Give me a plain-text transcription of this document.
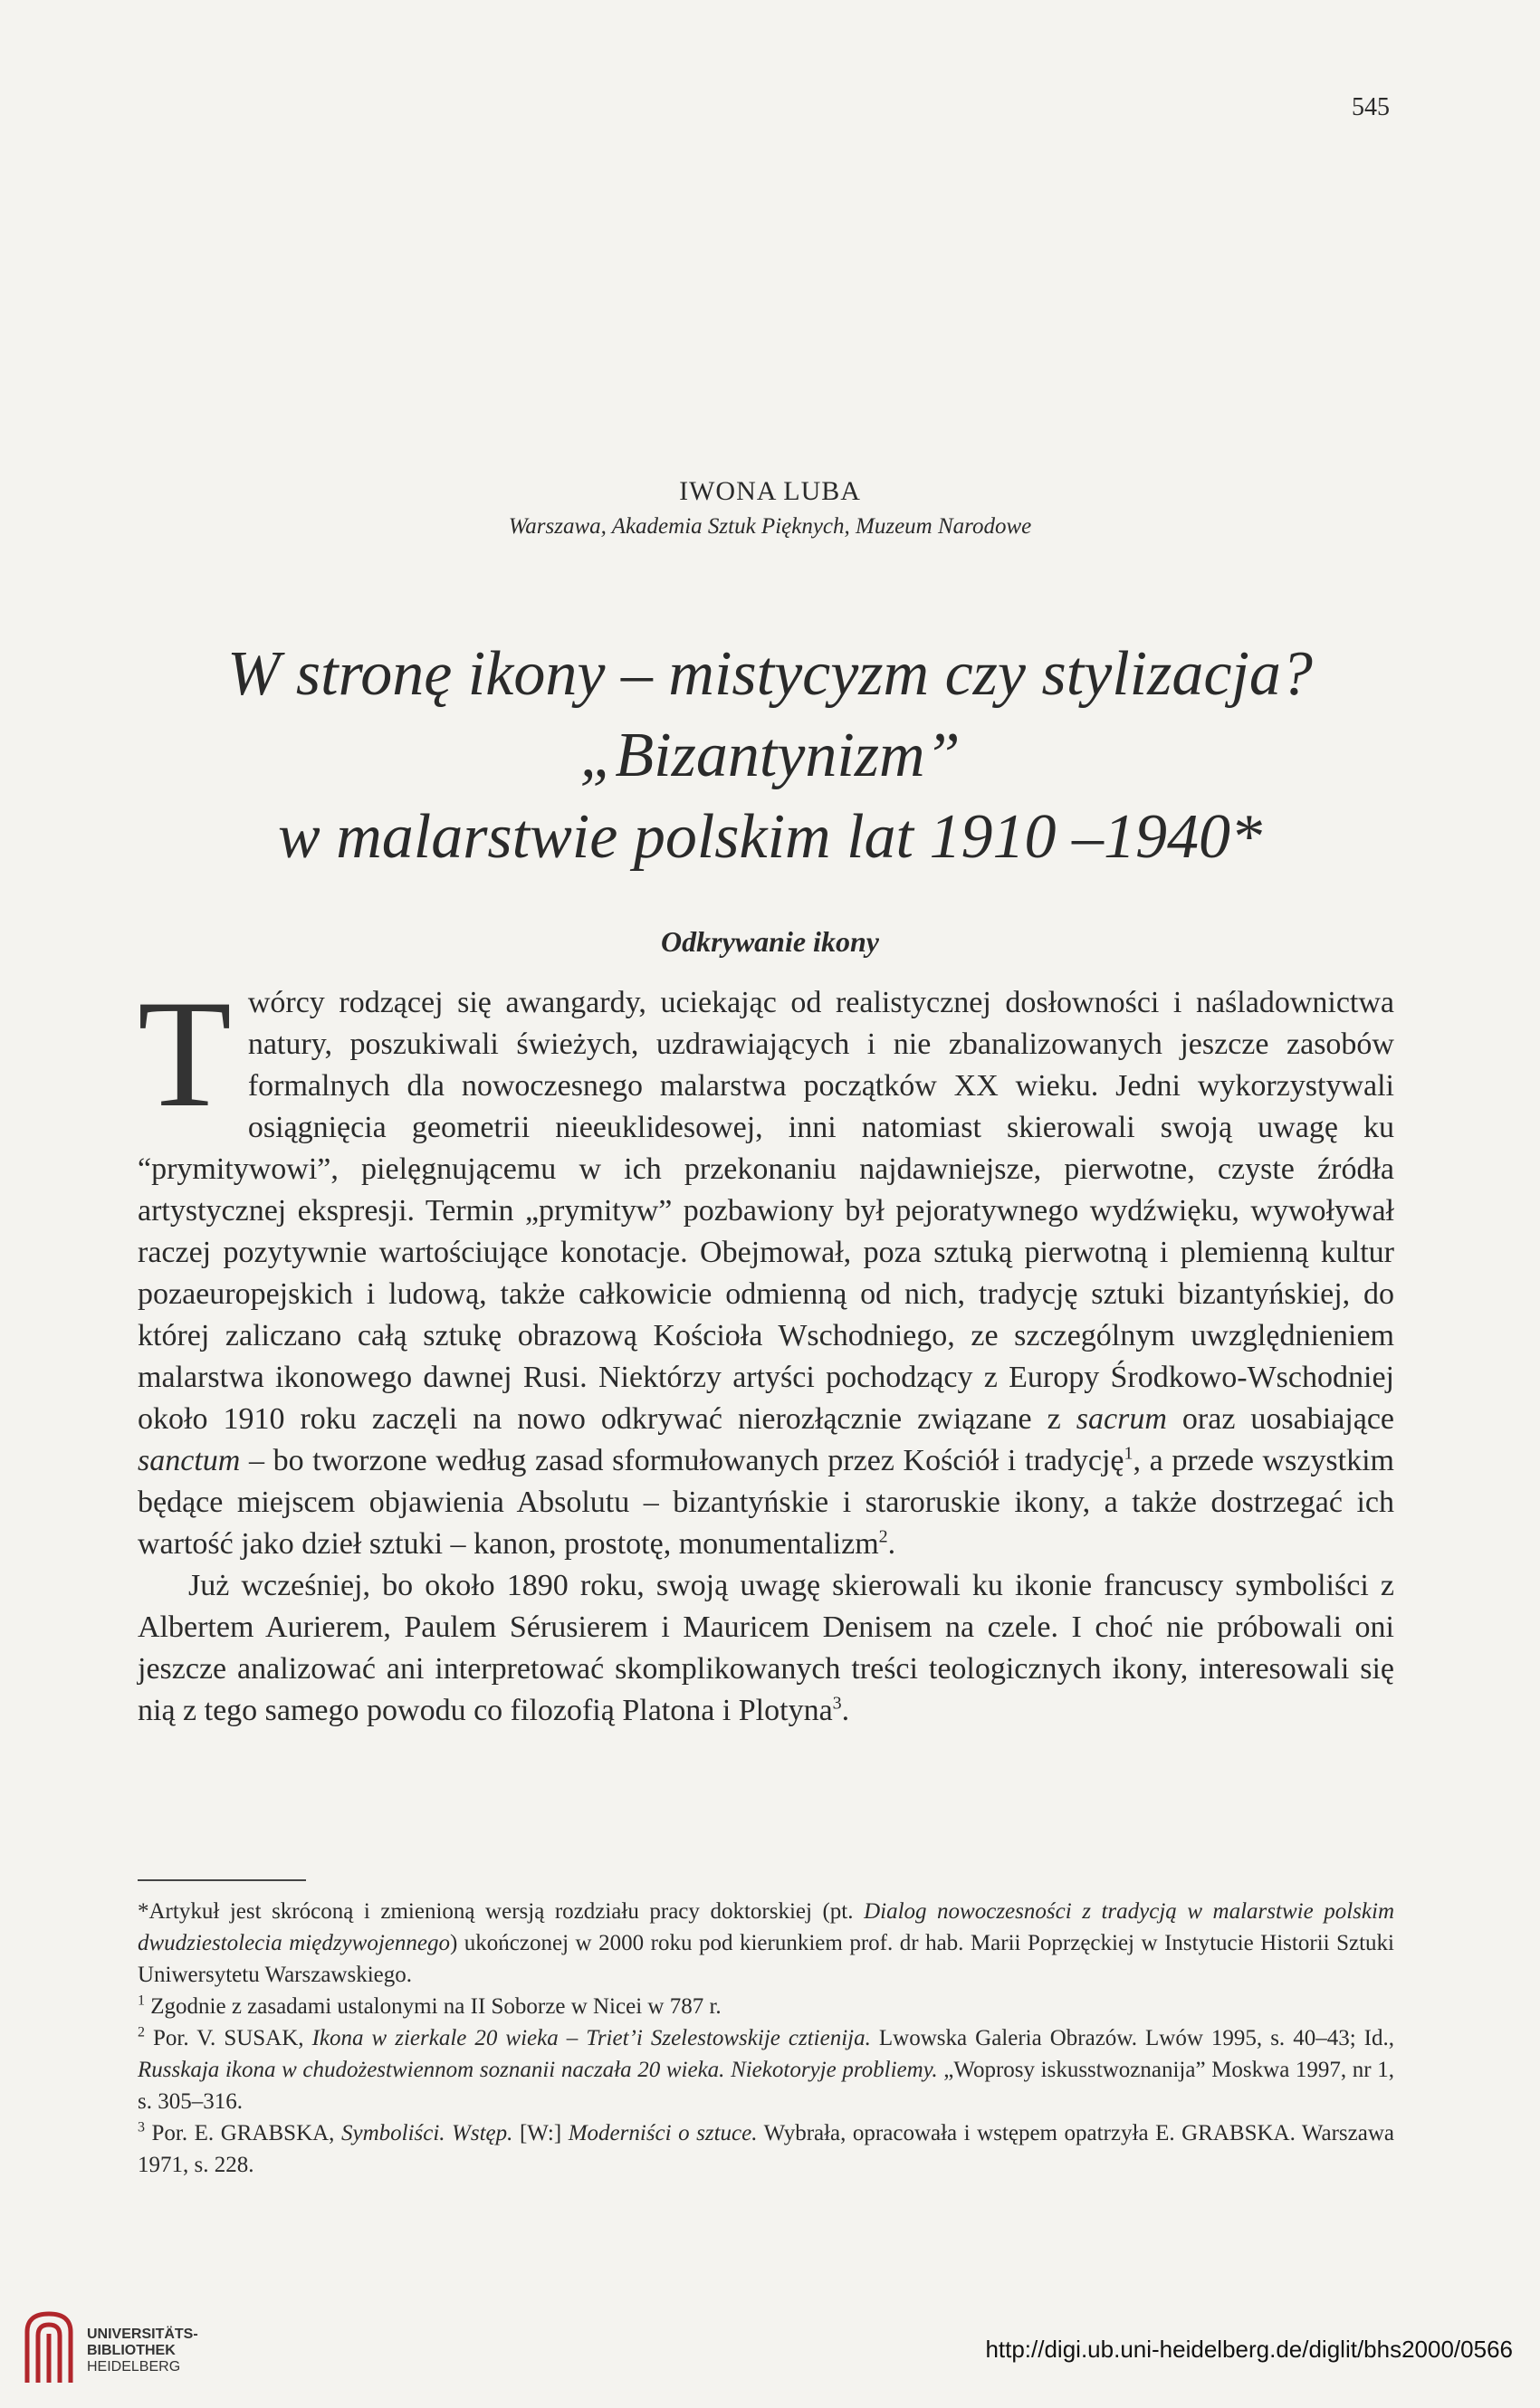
545
IWONA LUBA
Warszawa, Akademia Sztuk Pięknych, Muzeum Narodowe
W stronę ikony – mistycyzm czy stylizacja?
„Bizantynizm”
w malarstwie polskim lat 1910 –1940*
Odkrywanie ikony

Twórcy rodzącej się awangardy, uciekając od realistycznej dosłowności i naśladownictwa natury, poszukiwali świeżych, uzdrawiających i nie zbanalizowanych jeszcze zasobów formalnych dla nowoczesnego malarstwa początków XX wieku. Jedni wykorzystywali osiągnięcia geometrii nieeuklidesowej, inni natomiast skierowali swoją uwagę ku “prymitywowi”, pielęgnującemu w ich przekonaniu najdawniejsze, pierwotne, czyste źródła artystycznej ekspresji. Termin „prymityw” pozbawiony był pejoratywnego wydźwięku, wywoływał raczej pozytywnie wartościujące konotacje. Obejmował, poza sztuką pierwotną i plemienną kultur pozaeuropejskich i ludową, także całkowicie odmienną od nich, tradycję sztuki bizantyńskiej, do której zaliczano całą sztukę obrazową Kościoła Wschodniego, ze szczególnym uwzględnieniem malarstwa ikonowego dawnej Rusi. Niektórzy artyści pochodzący z Europy Środkowo-Wschodniej około 1910 roku zaczęli na nowo odkrywać nierozłącznie związane z sacrum oraz uosabiające sanctum – bo tworzone według zasad sformułowanych przez Kościół i tradycję$^1$, a przede wszystkim będące miejscem objawienia Absolutu – bizantyńskie i staroruskie ikony, a także dostrzegać ich wartość jako dzieł sztuki – kanon, prostotę, monumentalizm$^2$.

Już wcześniej, bo około 1890 roku, swoją uwagę skierowali ku ikonie francuscy symboliści z Albertem Aurierem, Paulem Sérusierem i Mauricem Denisem na czele. I choć nie próbowali oni jeszcze analizować ani interpretować skomplikowanych treści teologicznych ikony, interesowali się nią z tego samego powodu co filozofią Platona i Plotyna$^3$.

*Artykuł jest skróconą i zmienioną wersją rozdziału pracy doktorskiej (pt. Dialog nowoczesności z tradycją w malarstwie polskim dwudziestolecia międzywojennego) ukończonej w 2000 roku pod kierunkiem prof. dr hab. Marii Poprzęckiej w Instytucie Historii Sztuki Uniwersytetu Warszawskiego.

$^1$ Zgodnie z zasadami ustalonymi na II Soborze w Nicei w 787 r.

$^2$ Por. V. SUSAK, Ikona w zierkale 20 wieka – Triet’i Szelestowskije cztienija. Lwowska Galeria Obrazów. Lwów 1995, s. 40–43; Id., Russkaja ikona w chudożestwiennom soznanii naczała 20 wieka. Niekotoryje probliemy. „Woprosy iskusstwoznanija” Moskwa 1997, nr 1, s. 305–316.

$^3$ Por. E. GRABSKA, Symboliści. Wstęp. [W:] Moderniści o sztuce. Wybrała, opracowała i wstępem opatrzyła E. GRABSKA. Warszawa 1971, s. 228.

UNIVERSITÄTS-
BIBLIOTHEK
HEIDELBERG
http://digi.ub.uni-heidelberg.de/diglit/bhs2000/0566
